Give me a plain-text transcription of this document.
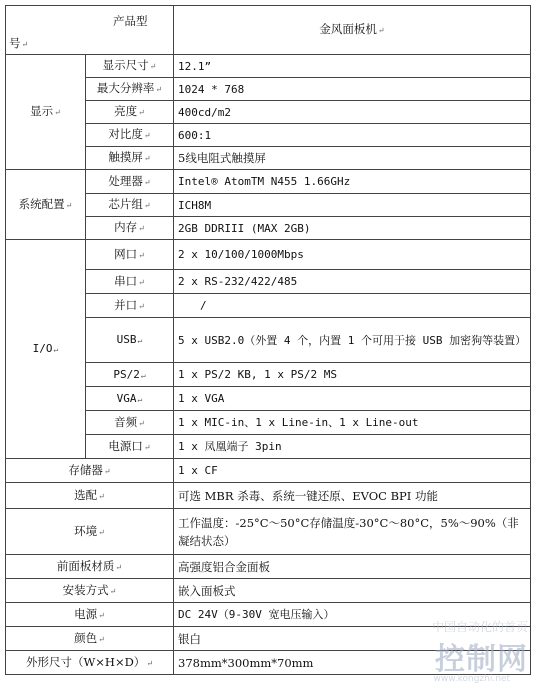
产品型
号 ↵		金风面板机 ↵
显示 ↵	显示尺寸 ↵	12.1”
	最大分辨率 ↵	1024 * 768
	亮度 ↵	400cd/m2
	对比度 ↵	600:1
	触摸屏 ↵	5线电阻式触摸屏
系统配置 ↵	处理器 ↵	Intel® AtomTM N455 1.66GHz
	芯片组 ↵	ICH8M
	内存 ↵	2GB DDRIII (MAX 2GB)
I/O ↵	网口 ↵	2 x 10/100/1000Mbps
	串口 ↵	2 x RS-232/422/485
	并口 ↵	/
	USB ↵	5 x USB2.0（外置 4 个，内置 1 个可用于接 USB 加密狗等装置）
	PS/2 ↵	1 x PS/2 KB, 1 x PS/2 MS
	VGA ↵	1 x VGA
	音频 ↵	1 x MIC-in、1 x Line-in、1 x Line-out
	电源口 ↵	1 x 凤凰端子 3pin
存储器 ↵		1 x CF
选配 ↵		可选 MBR 杀毒、系统一键还原、EVOC BPI 功能
环境 ↵		工作温度：-25°C～50°C存储温度-30°C～80°C，5%～90%（非凝结状态）
前面板材质 ↵		高强度铝合金面板
安装方式 ↵		嵌入面板式
电源 ↵		DC 24V（9-30V 宽电压输入）
颜色 ↵		银白
外形尺寸（W×H×D） ↵		378mm*300mm*70mm
中国自动化的首页
控制网
www.kongzhi.net
